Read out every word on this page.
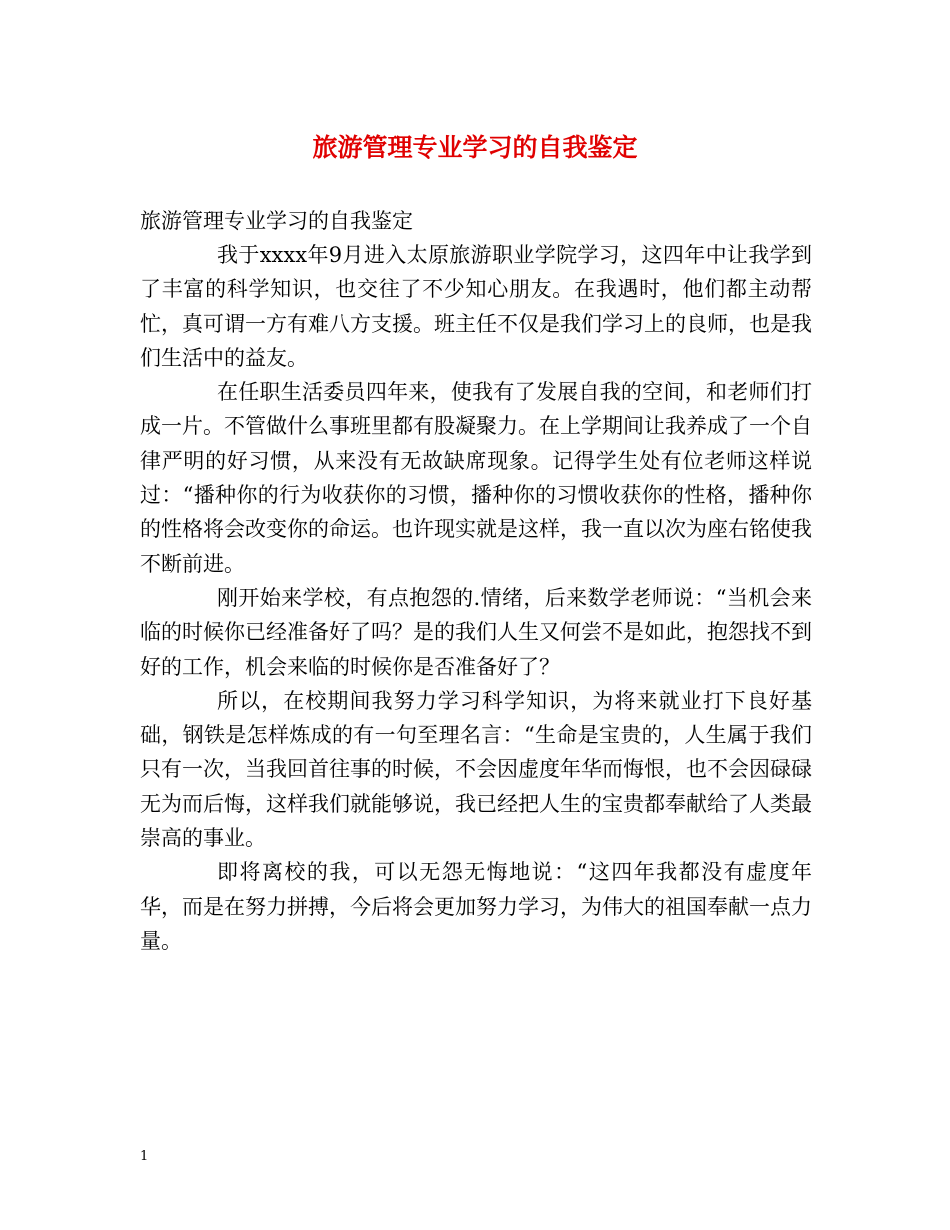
旅游管理专业学习的自我鉴定

旅游管理专业学习的自我鉴定

我于xxxx年9月进入太原旅游职业学院学习，这四年中让我学到了丰富的科学知识，也交往了不少知心朋友。在我遇时，他们都主动帮忙，真可谓一方有难八方支援。班主任不仅是我们学习上的良师，也是我们生活中的益友。

在任职生活委员四年来，使我有了发展自我的空间，和老师们打成一片。不管做什么事班里都有股凝聚力。在上学期间让我养成了一个自律严明的好习惯，从来没有无故缺席现象。记得学生处有位老师这样说过：“播种你的行为收获你的习惯，播种你的习惯收获你的性格，播种你的性格将会改变你的命运。也许现实就是这样，我一直以次为座右铭使我不断前进。

刚开始来学校，有点抱怨的.情绪，后来数学老师说：“当机会来临的时候你已经准备好了吗？是的我们人生又何尝不是如此，抱怨找不到好的工作，机会来临的时候你是否准备好了？

所以，在校期间我努力学习科学知识，为将来就业打下良好基础，钢铁是怎样炼成的有一句至理名言：“生命是宝贵的，人生属于我们只有一次，当我回首往事的时候，不会因虚度年华而悔恨，也不会因碌碌无为而后悔，这样我们就能够说，我已经把人生的宝贵都奉献给了人类最崇高的事业。

即将离校的我，可以无怨无悔地说：“这四年我都没有虚度年华，而是在努力拼搏，今后将会更加努力学习，为伟大的祖国奉献一点力量。

1
